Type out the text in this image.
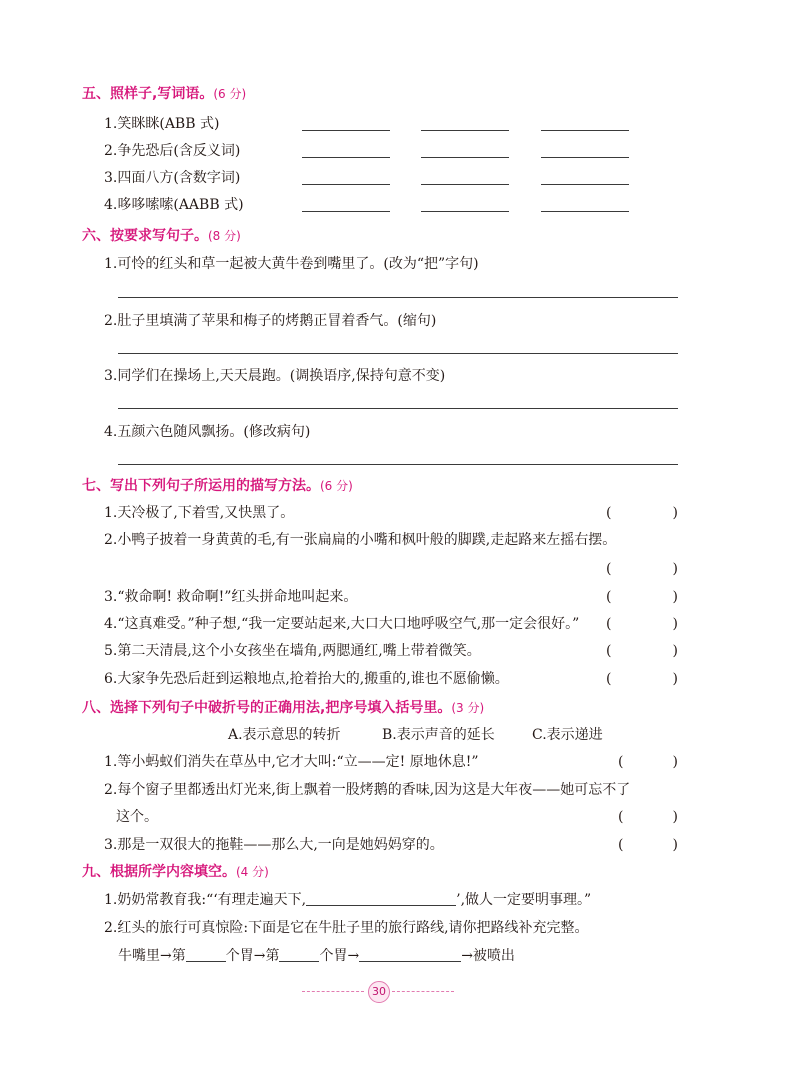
五、照样子,写词语。(6 分)
1.笑眯眯(ABB 式)
2.争先恐后(含反义词)
3.四面八方(含数字词)
4.哆哆嗦嗦(AABB 式)
六、按要求写句子。(8 分)
1.可怜的红头和草一起被大黄牛卷到嘴里了。(改为“把”字句)
2.肚子里填满了苹果和梅子的烤鹅正冒着香气。(缩句)
3.同学们在操场上,天天晨跑。(调换语序,保持句意不变)
4.五颜六色随风飘扬。(修改病句)
七、写出下列句子所运用的描写方法。(6 分)
1.天冷极了,下着雪,又快黑了。	(	)
2.小鸭子披着一身黄黄的毛,有一张扁扁的小嘴和枫叶般的脚蹼,走起路来左摇右摆。
(	)
3.“救命啊! 救命啊!”红头拼命地叫起来。	(	)
4.“这真难受。”种子想,“我一定要站起来,大口大口地呼吸空气,那一定会很好。” (	)
5.第二天清晨,这个小女孩坐在墙角,两腮通红,嘴上带着微笑。	(	)
6.大家争先恐后赶到运粮地点,抢着抬大的,搬重的,谁也不愿偷懒。	(	)
八、选择下列句子中破折号的正确用法,把序号填入括号里。(3 分)
A.表示意思的转折	B.表示声音的延长	C.表示递进
1.等小蚂蚁们消失在草丛中,它才大叫:“立——定! 原地休息!”	(	)
2.每个窗子里都透出灯光来,街上飘着一股烤鹅的香味,因为这是大年夜——她可忘不了
这个。	(	)
3.那是一双很大的拖鞋——那么大,一向是她妈妈穿的。	(	)
九、根据所学内容填空。(4 分)
1.奶奶常教育我:“‘有理走遍天下,	’,做人一定要明事理。”
2.红头的旅行可真惊险:下面是它在牛肚子里的旅行路线,请你把路线补充完整。
牛嘴里→第	个胃→第	个胃→	→被喷出
30
